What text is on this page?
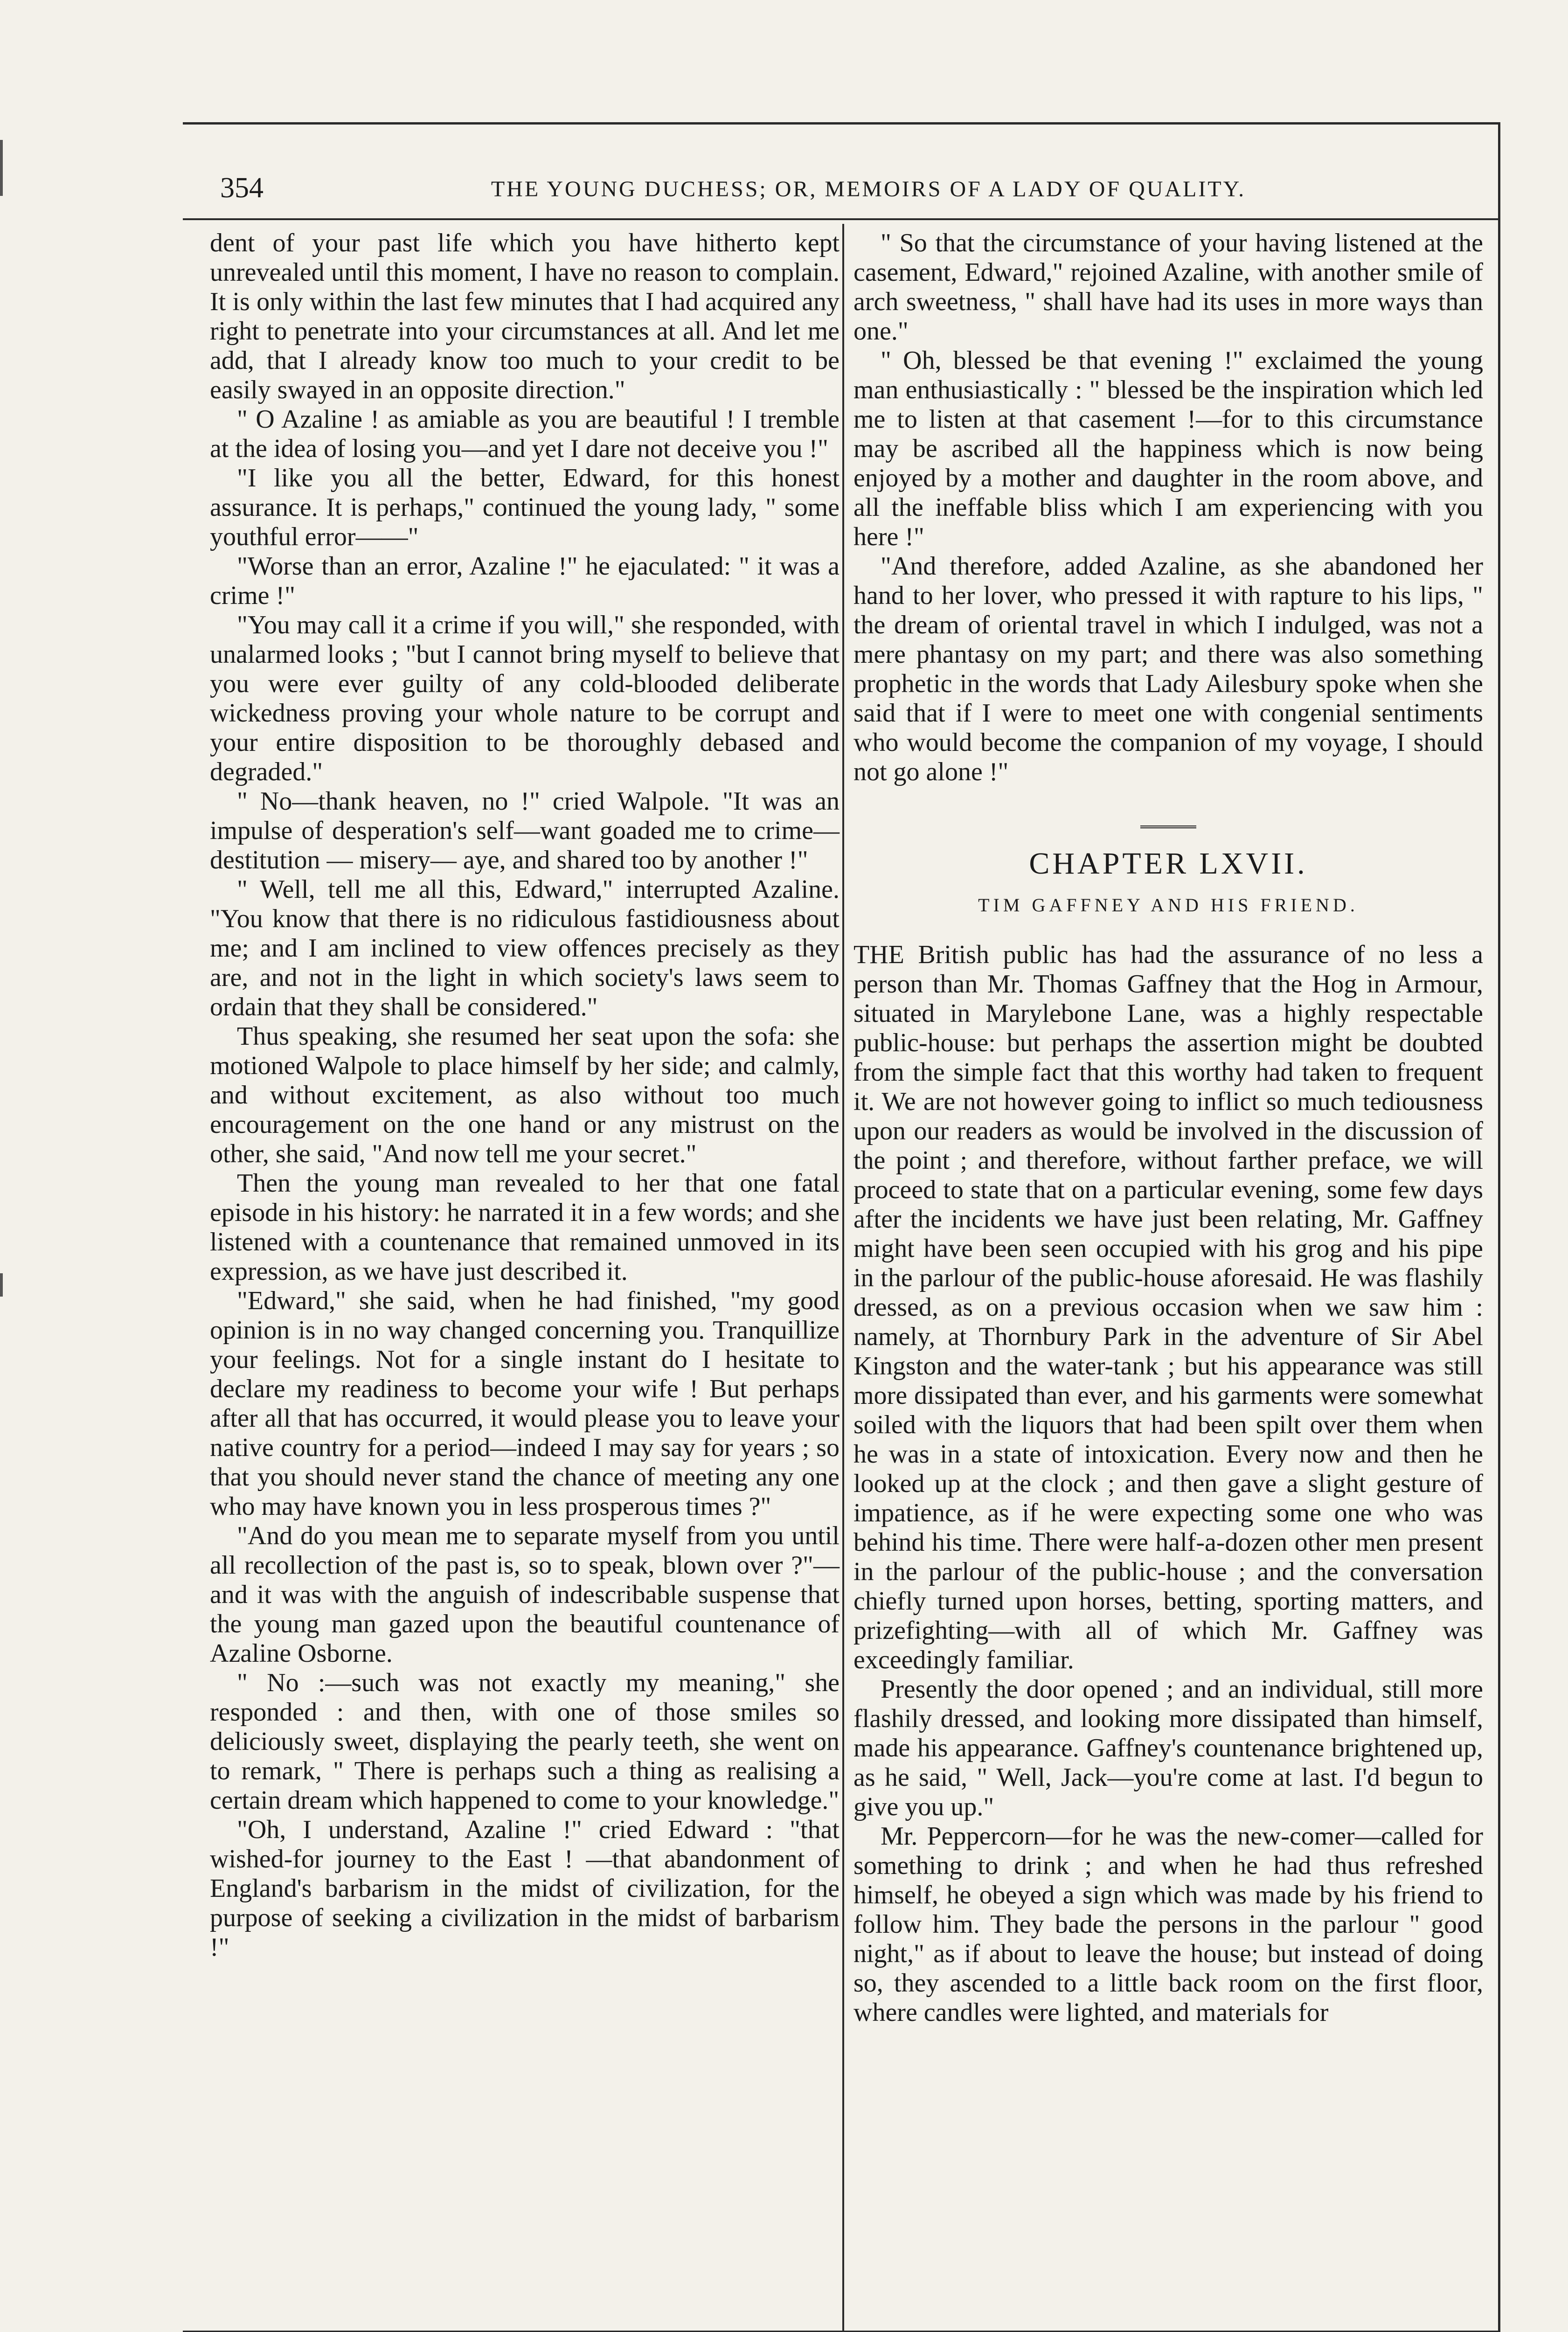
354	THE YOUNG DUCHESS; OR, MEMOIRS OF A LADY OF QUALITY.

dent of your past life which you have hitherto kept unrevealed until this moment, I have no reason to complain. It is only within the last few minutes that I had acquired any right to penetrate into your circumstances at all. And let me add, that I already know too much to your credit to be easily swayed in an opposite direction."

" O Azaline ! as amiable as you are beautiful ! I tremble at the idea of losing you—and yet I dare not deceive you !"

"I like you all the better, Edward, for this honest assurance. It is perhaps," continued the young lady, " some youthful error——"

"Worse than an error, Azaline !" he ejaculated: " it was a crime !"

"You may call it a crime if you will," she responded, with unalarmed looks ; "but I cannot bring myself to believe that you were ever guilty of any cold-blooded deliberate wickedness proving your whole nature to be corrupt and your entire disposition to be thoroughly debased and degraded."

" No—thank heaven, no !" cried Walpole. "It was an impulse of desperation's self—want goaded me to crime— destitution — misery— aye, and shared too by another !"

" Well, tell me all this, Edward," interrupted Azaline. "You know that there is no ridiculous fastidiousness about me; and I am inclined to view offences precisely as they are, and not in the light in which society's laws seem to ordain that they shall be considered."

Thus speaking, she resumed her seat upon the sofa: she motioned Walpole to place himself by her side; and calmly, and without excitement, as also without too much encouragement on the one hand or any mistrust on the other, she said, "And now tell me your secret."

Then the young man revealed to her that one fatal episode in his history: he narrated it in a few words; and she listened with a countenance that remained unmoved in its expression, as we have just described it.

"Edward," she said, when he had finished, "my good opinion is in no way changed concerning you. Tranquillize your feelings. Not for a single instant do I hesitate to declare my readiness to become your wife ! But perhaps after all that has occurred, it would please you to leave your native country for a period—indeed I may say for years ; so that you should never stand the chance of meeting any one who may have known you in less prosperous times ?"

"And do you mean me to separate myself from you until all recollection of the past is, so to speak, blown over ?"—and it was with the anguish of indescribable suspense that the young man gazed upon the beautiful countenance of Azaline Osborne.

" No :—such was not exactly my meaning," she responded : and then, with one of those smiles so deliciously sweet, displaying the pearly teeth, she went on to remark, " There is perhaps such a thing as realising a certain dream which happened to come to your knowledge."

"Oh, I understand, Azaline !" cried Edward : "that wished-for journey to the East ! —that abandonment of England's barbarism in the midst of civilization, for the purpose of seeking a civilization in the midst of barbarism !"

" So that the circumstance of your having listened at the casement, Edward," rejoined Azaline, with another smile of arch sweetness, " shall have had its uses in more ways than one."

" Oh, blessed be that evening !" exclaimed the young man enthusiastically : " blessed be the inspiration which led me to listen at that casement !—for to this circumstance may be ascribed all the happiness which is now being enjoyed by a mother and daughter in the room above, and all the ineffable bliss which I am experiencing with you here !"

"And therefore, added Azaline, as she abandoned her hand to her lover, who pressed it with rapture to his lips, " the dream of oriental travel in which I indulged, was not a mere phantasy on my part; and there was also something prophetic in the words that Lady Ailesbury spoke when she said that if I were to meet one with congenial sentiments who would become the companion of my voyage, I should not go alone !"

CHAPTER LXVII.
TIM GAFFNEY AND HIS FRIEND.

THE British public has had the assurance of no less a person than Mr. Thomas Gaffney that the Hog in Armour, situated in Marylebone Lane, was a highly respectable public-house: but perhaps the assertion might be doubted from the simple fact that this worthy had taken to frequent it. We are not however going to inflict so much tediousness upon our readers as would be involved in the discussion of the point ; and therefore, without farther preface, we will proceed to state that on a particular evening, some few days after the incidents we have just been relating, Mr. Gaffney might have been seen occupied with his grog and his pipe in the parlour of the public-house aforesaid. He was flashily dressed, as on a previous occasion when we saw him : namely, at Thornbury Park in the adventure of Sir Abel Kingston and the water-tank ; but his appearance was still more dissipated than ever, and his garments were somewhat soiled with the liquors that had been spilt over them when he was in a state of intoxication. Every now and then he looked up at the clock ; and then gave a slight gesture of impatience, as if he were expecting some one who was behind his time. There were half-a-dozen other men present in the parlour of the public-house ; and the conversation chiefly turned upon horses, betting, sporting matters, and prizefighting—with all of which Mr. Gaffney was exceedingly familiar.

Presently the door opened ; and an individual, still more flashily dressed, and looking more dissipated than himself, made his appearance. Gaffney's countenance brightened up, as he said, " Well, Jack—you're come at last. I'd begun to give you up."

Mr. Peppercorn—for he was the new-comer—called for something to drink ; and when he had thus refreshed himself, he obeyed a sign which was made by his friend to follow him. They bade the persons in the parlour " good night," as if about to leave the house; but instead of doing so, they ascended to a little back room on the first floor, where candles were lighted, and materials for
